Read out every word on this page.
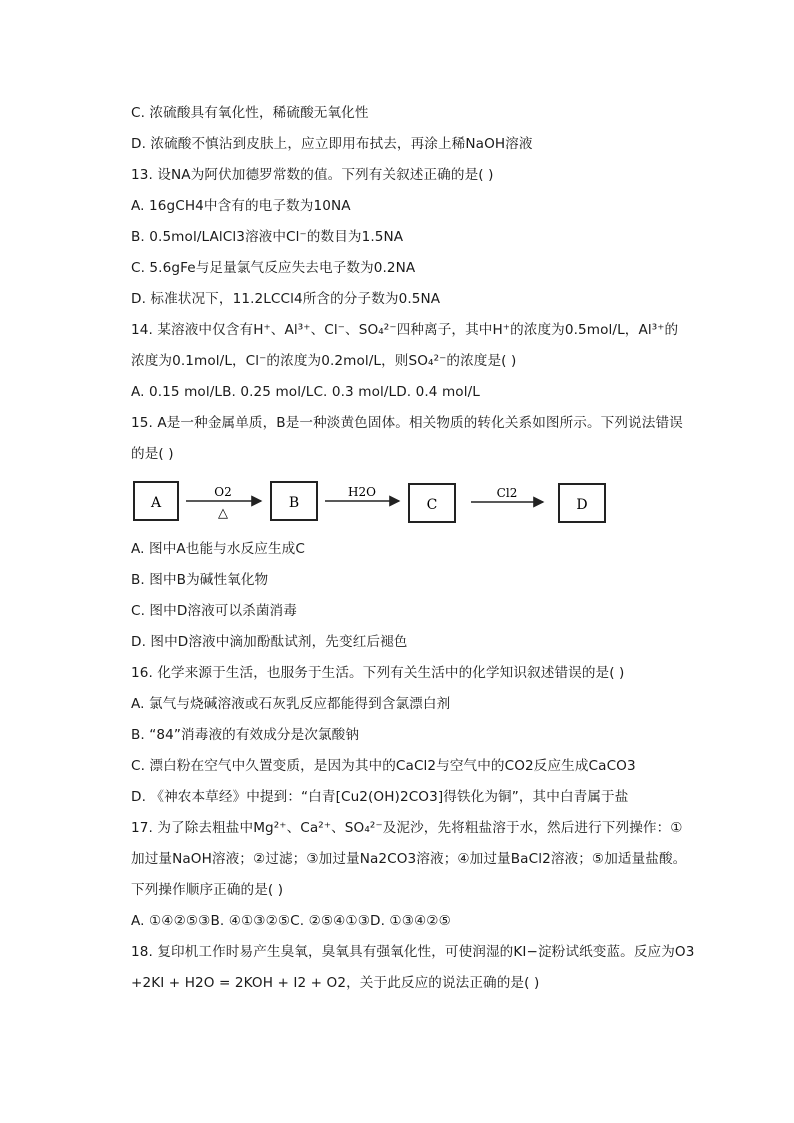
C. 浓硫酸具有氧化性，稀硫酸无氧化性
D. 浓硫酸不慎沾到皮肤上，应立即用布拭去，再涂上稀NaOH溶液
13. 设NA为阿伏加德罗常数的值。下列有关叙述正确的是( )
A. 16gCH4中含有的电子数为10NA
B. 0.5mol/LAlCl3溶液中Cl⁻的数目为1.5NA
C. 5.6gFe与足量氯气反应失去电子数为0.2NA
D. 标准状况下，11.2LCCl4所含的分子数为0.5NA
14. 某溶液中仅含有H⁺、Al³⁺、Cl⁻、SO₄²⁻四种离子，其中H⁺的浓度为0.5mol/L，Al³⁺的
浓度为0.1mol/L，Cl⁻的浓度为0.2mol/L，则SO₄²⁻的浓度是( )
A. 0.15 mol/LB. 0.25 mol/LC. 0.3 mol/LD. 0.4 mol/L
15. A是一种金属单质，B是一种淡黄色固体。相关物质的转化关系如图所示。下列说法错误
的是( )
A
O2
△
B
H2O
C
Cl2
D
A. 图中A也能与水反应生成C
B. 图中B为碱性氧化物
C. 图中D溶液可以杀菌消毒
D. 图中D溶液中滴加酚酞试剂，先变红后褪色
16. 化学来源于生活，也服务于生活。下列有关生活中的化学知识叙述错误的是( )
A. 氯气与烧碱溶液或石灰乳反应都能得到含氯漂白剂
B. “84”消毒液的有效成分是次氯酸钠
C. 漂白粉在空气中久置变质，是因为其中的CaCl2与空气中的CO2反应生成CaCO3
D. 《神农本草经》中提到：“白青[Cu2(OH)2CO3]得铁化为铜”，其中白青属于盐
17. 为了除去粗盐中Mg²⁺、Ca²⁺、SO₄²⁻及泥沙，先将粗盐溶于水，然后进行下列操作：①
加过量NaOH溶液；②过滤；③加过量Na2CO3溶液；④加过量BaCl2溶液；⑤加适量盐酸。
下列操作顺序正确的是( )
A. ①④②⑤③B. ④①③②⑤C. ②⑤④①③D. ①③④②⑤
18. 复印机工作时易产生臭氧，臭氧具有强氧化性，可使润湿的KI−淀粉试纸变蓝。反应为O3
+2KI + H2O = 2KOH + I2 + O2，关于此反应的说法正确的是( )
